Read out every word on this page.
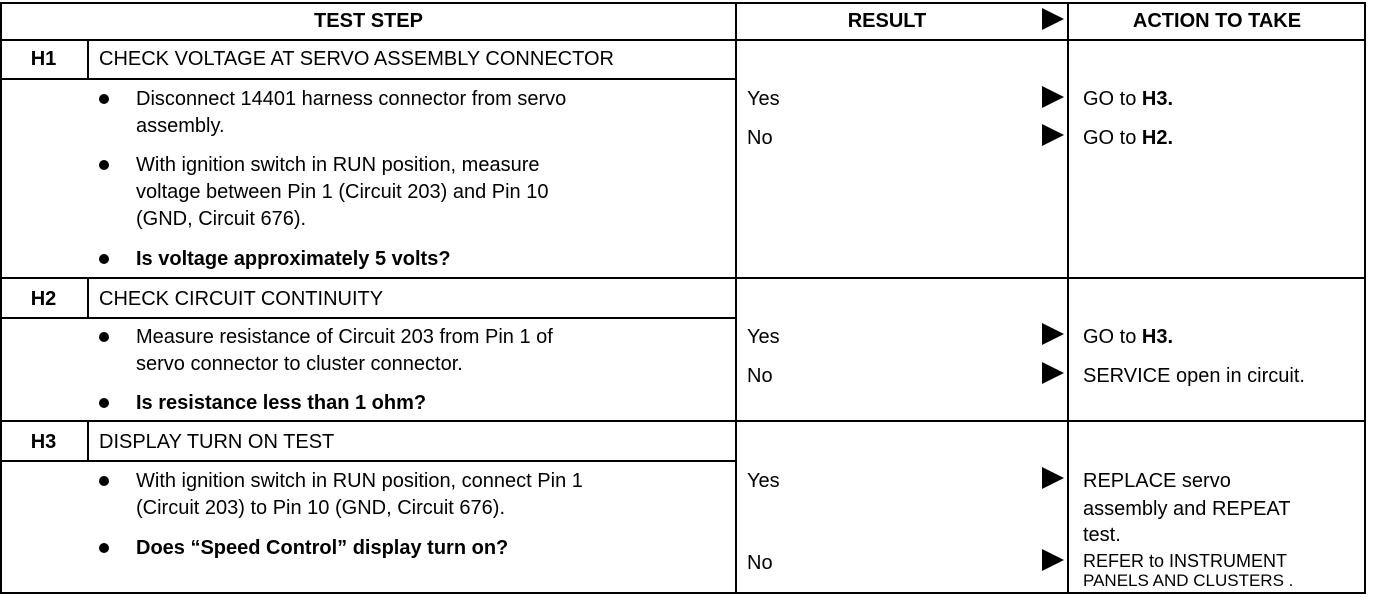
TEST STEP	RESULT	ACTION TO TAKE
H1	CHECK VOLTAGE AT SERVO ASSEMBLY CONNECTOR
Disconnect 14401 harness connector from servo
assembly.
With ignition switch in RUN position, measure
voltage between Pin 1 (Circuit 203) and Pin 10
(GND, Circuit 676).
Is voltage approximately 5 volts?
Yes	GO to H3.
No	GO to H2.
H2	CHECK CIRCUIT CONTINUITY
Measure resistance of Circuit 203 from Pin 1 of
servo connector to cluster connector.
Is resistance less than 1 ohm?
Yes	GO to H3.
No	SERVICE open in circuit.
H3	DISPLAY TURN ON TEST
With ignition switch in RUN position, connect Pin 1
(Circuit 203) to Pin 10 (GND, Circuit 676).
Does “Speed Control” display turn on?
Yes	REPLACE servo
assembly and REPEAT
test.
No	REFER to INSTRUMENT
PANELS AND CLUSTERS .
